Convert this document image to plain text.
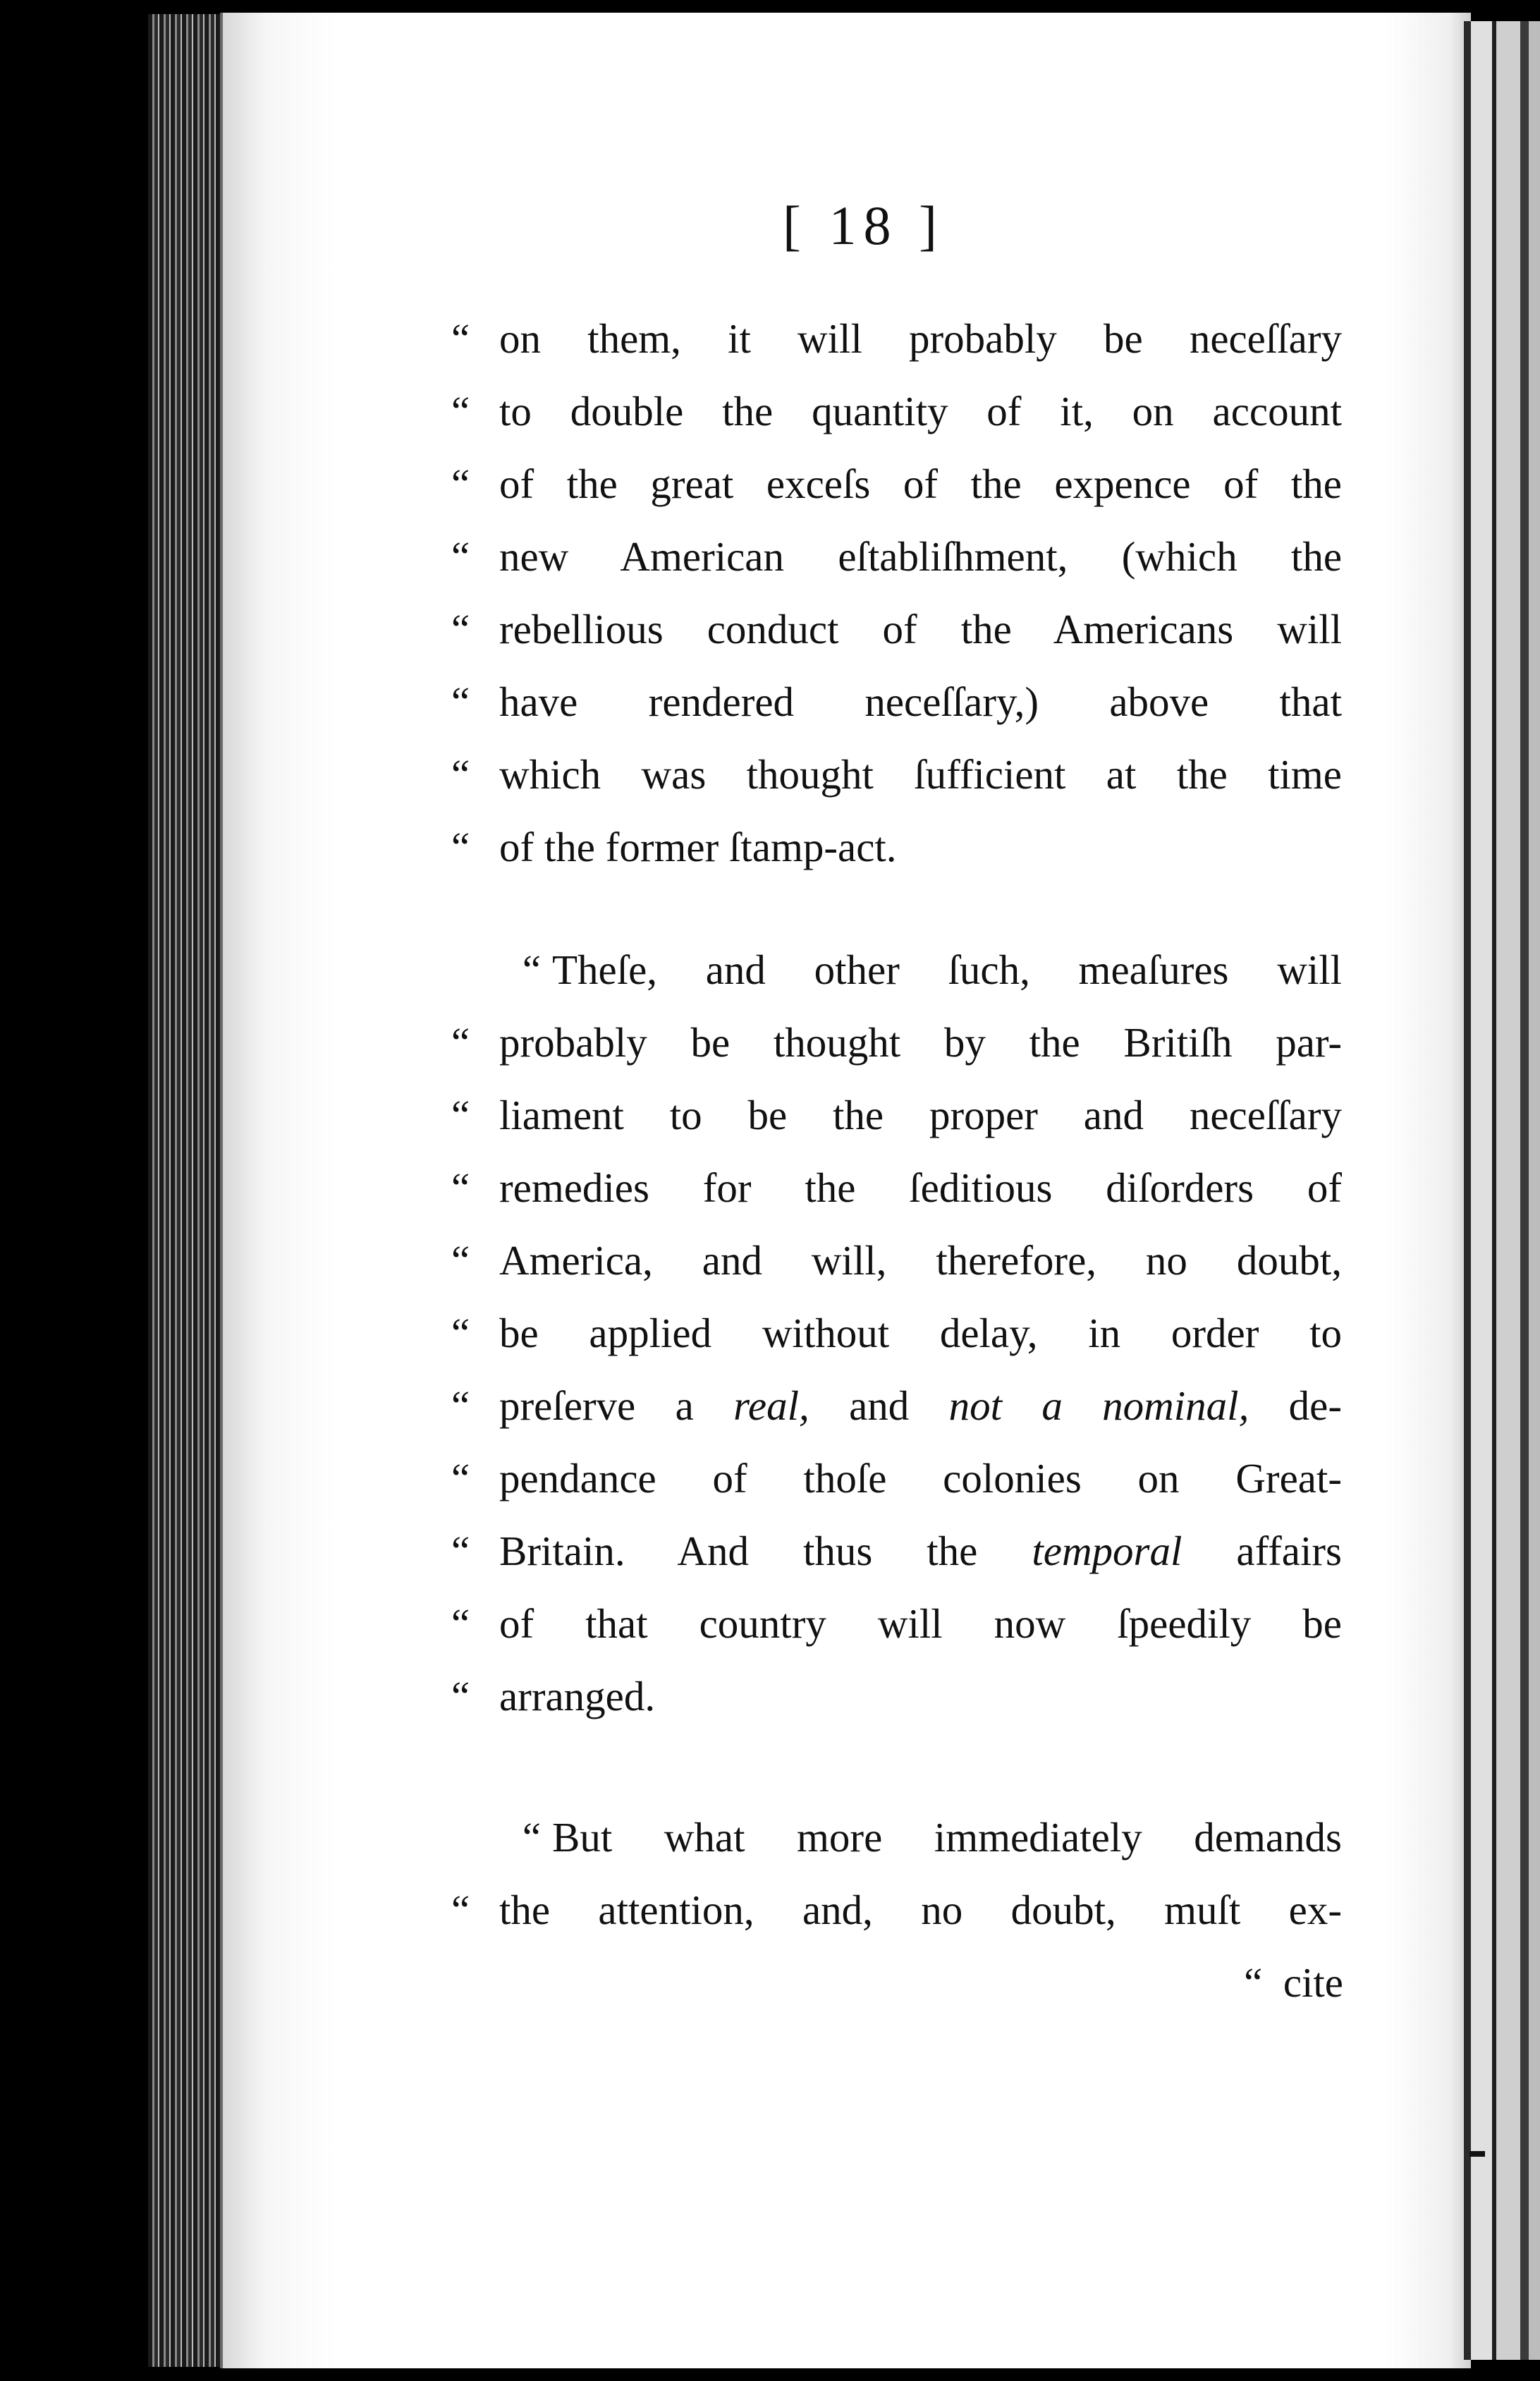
[ 18 ]
“ on them, it will probably be neceſſary
“ to double the quantity of it, on account
“ of the great exceſs of the expence of the
“ new American eſtabliſhment, (which the
“ rebellious conduct of the Americans will
“ have rendered neceſſary,) above that
“ which was thought ſufficient at the time
“ of the former ſtamp-act.
“ Theſe, and other ſuch, meaſures will
“ probably be thought by the Britiſh par-
“ liament to be the proper and neceſſary
“ remedies for the ſeditious diſorders of
“ America, and will, therefore, no doubt,
“ be applied without delay, in order to
“ preſerve a real, and not a nominal, de-
“ pendance of thoſe colonies on Great-
“ Britain. And thus the temporal affairs
“ of that country will now ſpeedily be
“ arranged.
“ But what more immediately demands
“ the attention, and, no doubt, muſt ex-
“ cite
